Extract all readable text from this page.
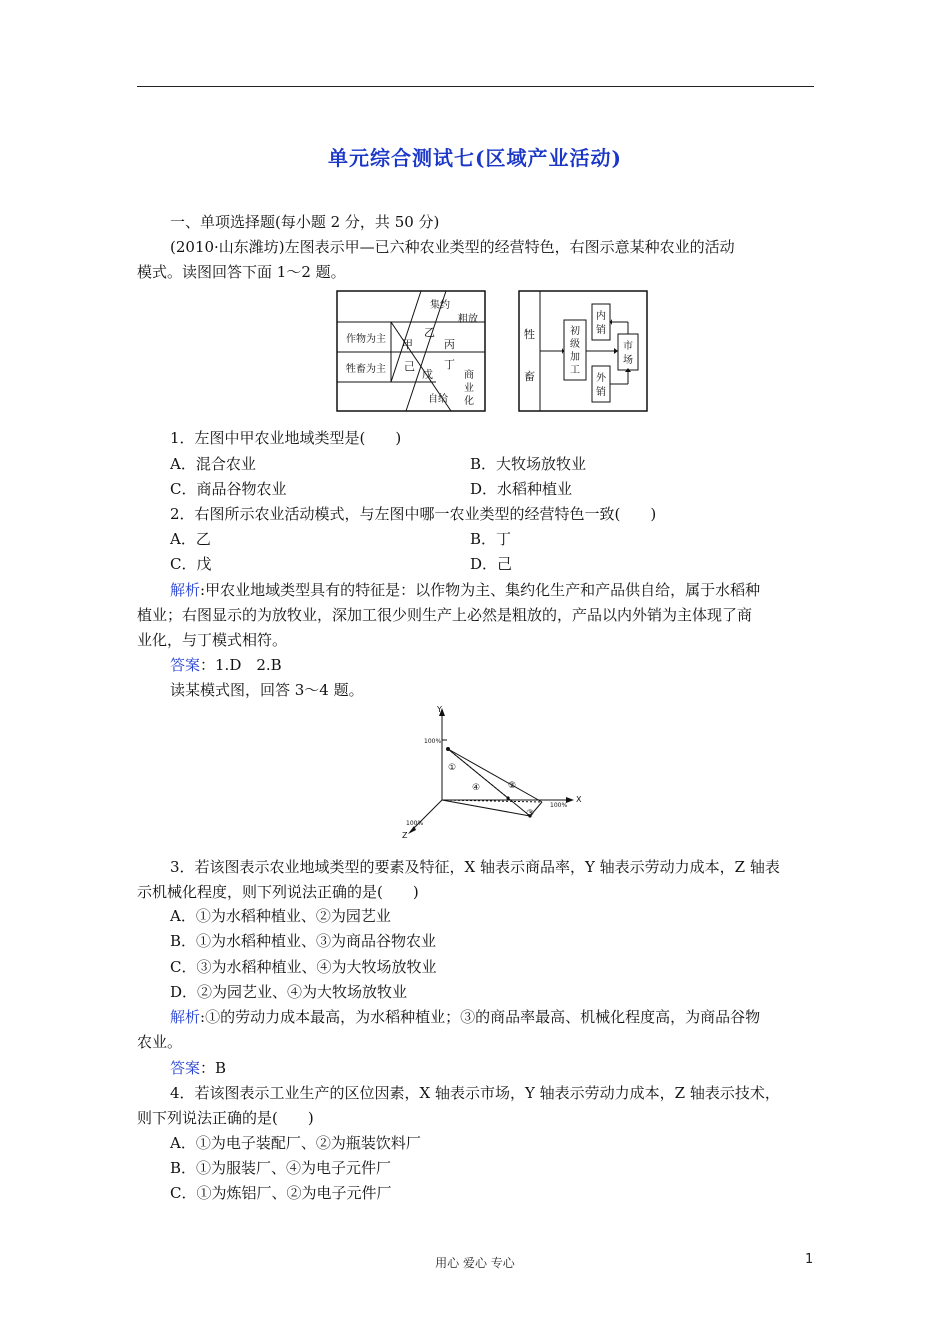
单元综合测试七(区域产业活动)
一、单项选择题(每小题 2 分，共 50 分)
(2010·山东潍坊)左图表示甲—已六种农业类型的经营特色，右图示意某种农业的活动
模式。读图回答下面 1～2 题。
作物为主
牲畜为主
集约
粗放
自给
商
业
化
乙
甲	丙
己	丁
戊
牲
畜
初
级
加
工
内
销
外
销
市
场
1．左图中甲农业地域类型是(　　)
A．混合农业	B．大牧场放牧业
C．商品谷物农业	D．水稻种植业
2．右图所示农业活动模式，与左图中哪一农业类型的经营特色一致(　　)
A．乙	B．丁
C．戊	D．己
解析:甲农业地域类型具有的特征是：以作物为主、集约化生产和产品供自给，属于水稻种
植业；右图显示的为放牧业，深加工很少则生产上必然是粗放的，产品以内外销为主体现了商
业化，与丁模式相符。
答案：1.D　2.B
读某模式图，回答 3～4 题。
Y
X
Z
100%
100%
100%
①
②
③
④
3．若该图表示农业地域类型的要素及特征，X 轴表示商品率，Y 轴表示劳动力成本，Z 轴表
示机械化程度，则下列说法正确的是(　　)
A．①为水稻种植业、②为园艺业
B．①为水稻种植业、③为商品谷物农业
C．③为水稻种植业、④为大牧场放牧业
D．②为园艺业、④为大牧场放牧业
解析:①的劳动力成本最高，为水稻种植业；③的商品率最高、机械化程度高，为商品谷物
农业。
答案：B
4．若该图表示工业生产的区位因素，X 轴表示市场，Y 轴表示劳动力成本，Z 轴表示技术，
则下列说法正确的是(　　)
A．①为电子装配厂、②为瓶装饮料厂
B．①为服装厂、④为电子元件厂
C．①为炼铝厂、②为电子元件厂
用心 爱心 专心	1
